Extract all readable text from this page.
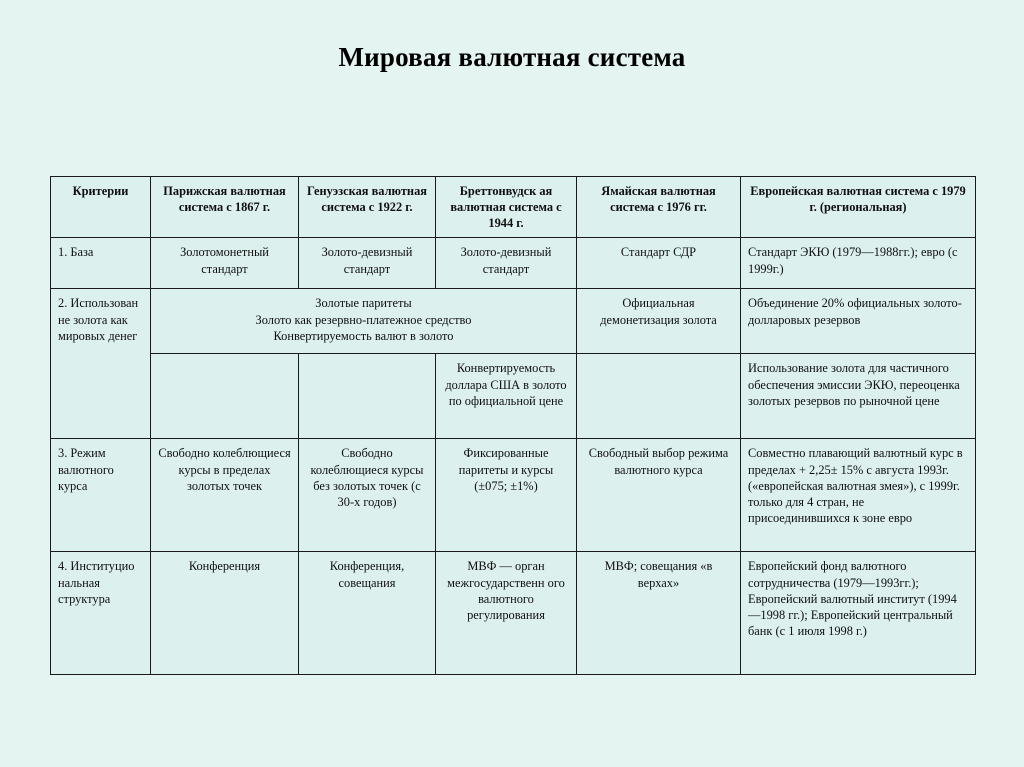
Мировая валютная система
Критерии	Парижская валютная система с 1867 г.	Генуэзская валютная система с 1922 г.	Бреттонвудск ая валютная система с 1944 г.	Ямайская валютная система с 1976 гг.	Европейская валютная система с 1979 г. (региональная)
1. База	Золотомонетный стандарт	Золото-девизный стандарт	Золото-девизный стандарт	Стандарт СДР	Стандарт ЭКЮ (1979—1988гг.); евро (с 1999г.)
2. Использован не золота как мировых денег	Золотые паритеты
Золото как резервно-платежное средство
Конвертируемость валют в золото			Официальная демонетизация золота	Объединение 20% официальных золото-долларовых резервов
			Конвертируемость доллара США в золото по официальной цене		Использование золота для частичного обеспечения эмиссии ЭКЮ, переоценка золотых резервов по рыночной цене
3. Режим валютного курса	Свободно колеблющиеся курсы в пределах золотых точек	Свободно колеблющиеся курсы без золотых точек (с 30-х годов)	Фиксированные паритеты и курсы (±075; ±1%)	Свободный выбор режима валютного курса	Совместно плавающий валютный курс в пределах + 2,25± 15% с августа 1993г. («европейская валютная змея»), с 1999г. только для 4 стран, не присоединившихся к зоне евро
4. Институцио нальная структура	Конференция	Конференция, совещания	МВФ — орган межгосударственн ого валютного регулирования	МВФ; совещания «в верхах»	Европейский фонд валютного сотрудничества (1979—1993гг.); Европейский валютный институт (1994—1998 гг.); Европейский центральный банк (с 1 июля 1998 г.)
